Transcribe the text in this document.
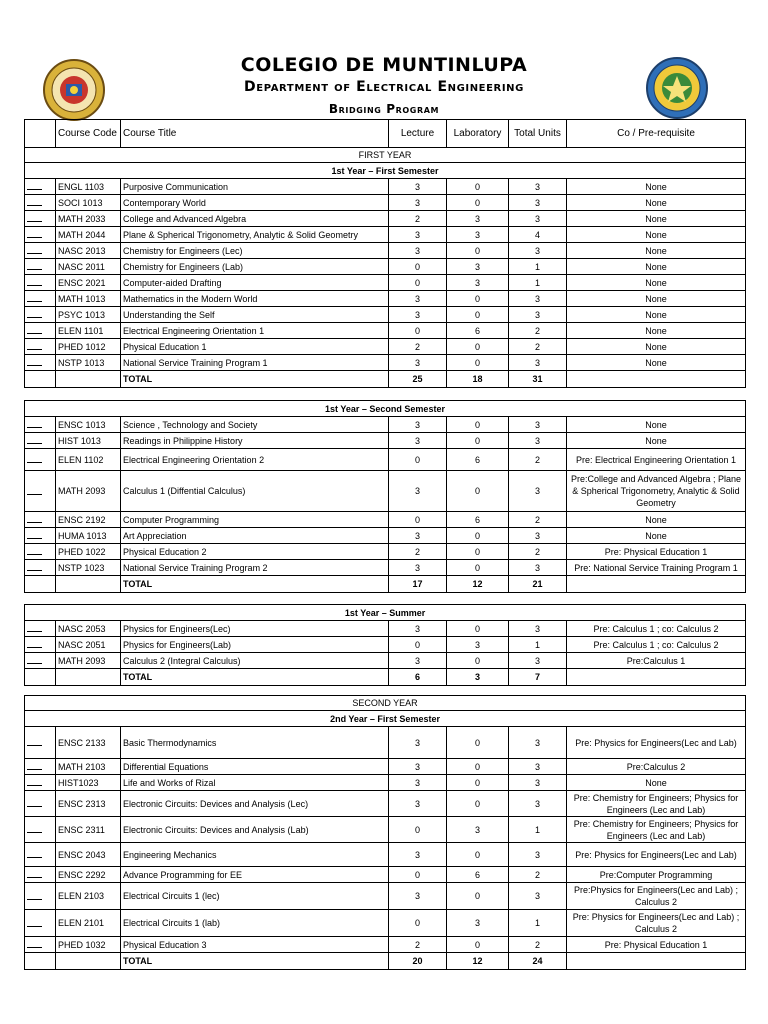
COLEGIO DE MUNTINLUPA
Department of Electrical Engineering
Bridging Program
	Course Code	Course Title	Lecture	Laboratory	Total Units	Co / Pre-requisite
FIRST YEAR
1st Year – First Semester						
	ENGL 1103	Purposive Communication	3	0	3	None
	SOCI 1013	Contemporary World	3	0	3	None
	MATH 2033	College and Advanced Algebra	2	3	3	None
	MATH 2044	Plane & Spherical Trigonometry, Analytic & Solid Geometry	3	3	4	None
	NASC 2013	Chemistry for Engineers (Lec)	3	0	3	None
	NASC 2011	Chemistry for Engineers (Lab)	0	3	1	None
	ENSC 2021	Computer-aided Drafting	0	3	1	None
	MATH 1013	Mathematics in the Modern World	3	0	3	None
	PSYC 1013	Understanding the Self	3	0	3	None
	ELEN 1101	Electrical Engineering Orientation 1	0	6	2	None
	PHED 1012	Physical Education 1	2	0	2	None
	NSTP 1013	National Service Training Program 1	3	0	3	None
		TOTAL	25	18	31	
1st Year – Second Semester						
	ENSC 1013	Science , Technology and Society	3	0	3	None
	HIST 1013	Readings in Philippine History	3	0	3	None
	ELEN 1102	Electrical Engineering Orientation 2	0	6	2	Pre: Electrical Engineering Orientation 1
	MATH 2093	Calculus 1 (Diffential Calculus)	3	0	3	Pre:College and Advanced Algebra ; Plane & Spherical Trigonometry, Analytic & Solid Geometry
	ENSC 2192	Computer Programming	0	6	2	None
	HUMA 1013	Art Appreciation	3	0	3	None
	PHED 1022	Physical Education 2	2	0	2	Pre: Physical Education 1
	NSTP 1023	National Service Training Program 2	3	0	3	Pre: National Service Training Program 1
		TOTAL	17	12	21	
1st Year – Summer						
	NASC 2053	Physics for Engineers(Lec)	3	0	3	Pre: Calculus 1 ; co: Calculus 2
	NASC 2051	Physics for Engineers(Lab)	0	3	1	Pre: Calculus 1 ; co: Calculus 2
	MATH 2093	Calculus 2 (Integral Calculus)	3	0	3	Pre:Calculus 1
		TOTAL	6	3	7	
SECOND YEAR						
2nd Year – First Semester						
	ENSC 2133	Basic Thermodynamics	3	0	3	Pre: Physics for Engineers(Lec and Lab)
	MATH 2103	Differential Equations	3	0	3	Pre:Calculus 2
	HIST1023	Life and Works of Rizal	3	0	3	None
	ENSC 2313	Electronic Circuits: Devices and Analysis (Lec)	3	0	3	Pre: Chemistry for Engineers; Physics for Engineers (Lec and Lab)
	ENSC 2311	Electronic Circuits: Devices and Analysis (Lab)	0	3	1	Pre: Chemistry for Engineers; Physics for Engineers (Lec and Lab)
	ENSC 2043	Engineering Mechanics	3	0	3	Pre: Physics for Engineers(Lec and Lab)
	ENSC 2292	Advance Programming for EE	0	6	2	Pre:Computer Programming
	ELEN 2103	Electrical Circuits 1 (lec)	3	0	3	Pre:Physics for Engineers(Lec and Lab) ; Calculus 2
	ELEN 2101	Electrical Circuits 1 (lab)	0	3	1	Pre: Physics for Engineers(Lec and Lab) ; Calculus 2
	PHED 1032	Physical Education 3	2	0	2	Pre: Physical Education 1
		TOTAL	20	12	24	
